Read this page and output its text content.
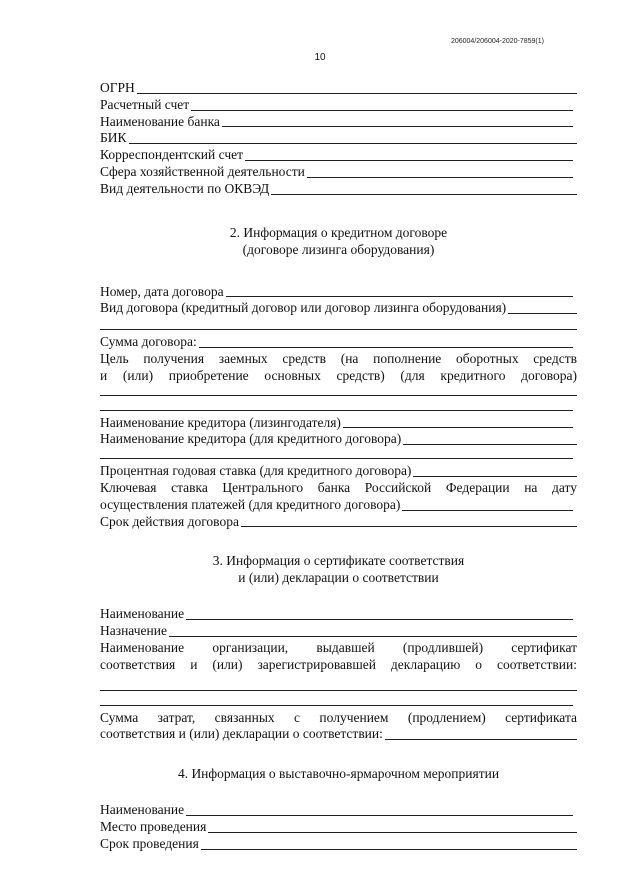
206004/206004-2020-7859(1)
10
ОГРН
Расчетный счет
Наименование банка
БИК
Корреспондентский счет
Сфера хозяйственной деятельности
Вид деятельности по ОКВЭД
2. Информация о кредитном договоре
(договоре лизинга оборудования)
Номер, дата договора
Вид договора (кредитный договор или договор лизинга оборудования)
Сумма договора:
Цель получения заемных средств (на пополнение оборотных средств
и (или) приобретение основных средств) (для кредитного договора)
Наименование кредитора (лизингодателя)
Наименование кредитора (для кредитного договора)
Процентная годовая ставка (для кредитного договора)
Ключевая ставка Центрального банка Российской Федерации на дату
осуществления платежей (для кредитного договора)
Срок действия договора
3. Информация о сертификате соответствия
и (или) декларации о соответствии
Наименование
Назначение
Наименование организации, выдавшей (продлившей) сертификат
соответствия и (или) зарегистрировавшей декларацию о соответствии:
Сумма затрат, связанных с получением (продлением) сертификата
соответствия и (или) декларации о соответствии:
4. Информация о выставочно-ярмарочном мероприятии
Наименование
Место проведения
Срок проведения
